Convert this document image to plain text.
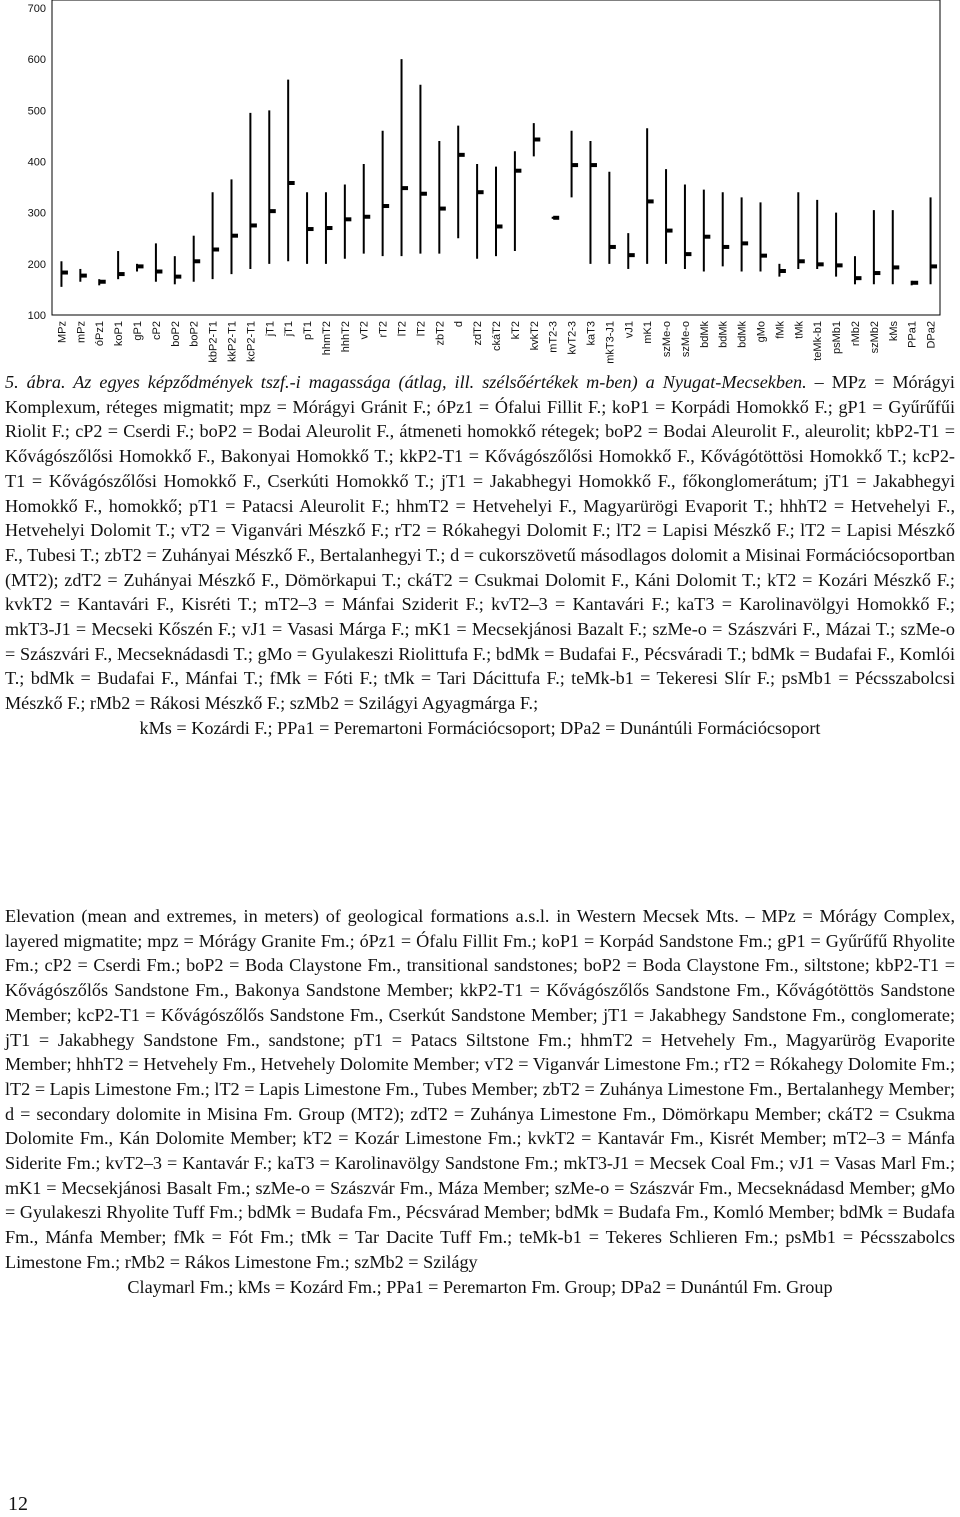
100
200
300
400
500
600
700
MPz mPz óPz1 koP1 gP1 cP2 boP2 boP2 kbP2-T1 kkP2-T1 kcP2-T1 jT1 jT1 pT1 hhmT2 hhhT2 vT2 rT2 lT2 lT2 zbT2 d zdT2 ckáT2 kT2 kvkT2 mT2-3 kvT2-3 kaT3 mkT3-J1 vJ1 mK1 szMe-o szMe-o bdMk bdMk bdMk gMo fMk tMk teMk-b1 psMb1 rMb2 szMb2 kMs PPa1 DPa2

5. ábra. Az egyes képződmények tszf.-i magassága (átlag, ill. szélsőértékek m-ben) a Nyugat-Mecsekben. – MPz = Mórágyi Komplexum, réteges migmatit; mpz = Mórágyi Gránit F.; óPz1 = Ófalui Fillit F.; koP1 = Korpádi Homokkő F.; gP1 = Gyűrűfűi Riolit F.; cP2 = Cserdi F.; boP2 = Bodai Aleurolit F., átmeneti homokkő rétegek; boP2 = Bodai Aleurolit F., aleurolit; kbP2-T1 = Kővágószőlősi Homokkő F., Bakonyai Homokkő T.; kkP2-T1 = Kővágószőlősi Homokkő F., Kővágótöttösi Homokkő T.; kcP2-T1 = Kővágószőlősi Homokkő F., Cserkúti Homokkő T.; jT1 = Jakabhegyi Homokkő F., főkonglomerátum; jT1 = Jakabhegyi Homokkő F., homokkő; pT1 = Patacsi Aleurolit F.; hhmT2 = Hetvehelyi F., Magyarürögi Evaporit T.; hhhT2 = Hetvehelyi F., Hetvehelyi Dolomit T.; vT2 = Viganvári Mészkő F.; rT2 = Rókahegyi Dolomit F.; lT2 = Lapisi Mészkő F.; lT2 = Lapisi Mészkő F., Tubesi T.; zbT2 = Zuhányai Mészkő F., Bertalanhegyi T.; d = cukorszövetű másodlagos dolomit a Misinai Formációcsoportban (MT2); zdT2 = Zuhányai Mészkő F., Dömörkapui T.; ckáT2 = Csukmai Dolomit F., Káni Dolomit T.; kT2 = Kozári Mészkő F.; kvkT2 = Kantavári F., Kisréti T.; mT2–3 = Mánfai Sziderit F.; kvT2–3 = Kantavári F.; kaT3 = Karolinavölgyi Homokkő F.; mkT3-J1 = Mecseki Kőszén F.; vJ1 = Vasasi Márga F.; mK1 = Mecsekjánosi Bazalt F.; szMe-o = Szászvári F., Mázai T.; szMe-o = Szászvári F., Mecseknádasdi T.; gMo = Gyulakeszi Riolittufa F.; bdMk = Budafai F., Pécsváradi T.; bdMk = Budafai F., Komlói T.; bdMk = Budafai F., Mánfai T.; fMk = Fóti F.; tMk = Tari Dácittufa F.; teMk-b1 = Tekeresi Slír F.; psMb1 = Pécsszabolcsi Mészkő F.; rMb2 = Rákosi Mészkő F.; szMb2 = Szilágyi Agyagmárga F.;
kMs = Kozárdi F.; PPa1 = Peremartoni Formációcsoport; DPa2 = Dunántúli Formációcsoport

Elevation (mean and extremes, in meters) of geological formations a.s.l. in Western Mecsek Mts. – MPz = Mórágy Complex, layered migmatite; mpz = Mórágy Granite Fm.; óPz1 = Ófalu Fillit Fm.; koP1 = Korpád Sandstone Fm.; gP1 = Gyűrűfű Rhyolite Fm.; cP2 = Cserdi Fm.; boP2 = Boda Claystone Fm., transitional sandstones; boP2 = Boda Claystone Fm., siltstone; kbP2-T1 = Kővágószőlős Sandstone Fm., Bakonya Sandstone Member; kkP2-T1 = Kővágószőlős Sandstone Fm., Kővágótöttös Sandstone Member; kcP2-T1 = Kővágószőlős Sandstone Fm., Cserkút Sandstone Member; jT1 = Jakabhegy Sandstone Fm., conglomerate; jT1 = Jakabhegy Sandstone Fm., sandstone; pT1 = Patacs Siltstone Fm.; hhmT2 = Hetvehely Fm., Magyarürög Evaporite Member; hhhT2 = Hetvehely Fm., Hetvehely Dolomite Member; vT2 = Viganvár Limestone Fm.; rT2 = Rókahegy Dolomite Fm.; lT2 = Lapis Limestone Fm.; lT2 = Lapis Limestone Fm., Tubes Member; zbT2 = Zuhánya Limestone Fm., Bertalanhegy Member; d = secondary dolomite in Misina Fm. Group (MT2); zdT2 = Zuhánya Limestone Fm., Dömörkapu Member; ckáT2 = Csukma Dolomite Fm., Kán Dolomite Member; kT2 = Kozár Limestone Fm.; kvkT2 = Kantavár Fm., Kisrét Member; mT2–3 = Mánfa Siderite Fm.; kvT2–3 = Kantavár F.; kaT3 = Karolinavölgy Sandstone Fm.; mkT3-J1 = Mecsek Coal Fm.; vJ1 = Vasas Marl Fm.; mK1 = Mecsekjánosi Basalt Fm.; szMe-o = Szászvár Fm., Máza Member; szMe-o = Szászvár Fm., Mecseknádasd Member; gMo = Gyulakeszi Rhyolite Tuff Fm.; bdMk = Budafa Fm., Pécsvárad Member; bdMk = Budafa Fm., Komló Member; bdMk = Budafa Fm., Mánfa Member; fMk = Fót Fm.; tMk = Tar Dacite Tuff Fm.; teMk-b1 = Tekeres Schlieren Fm.; psMb1 = Pécsszabolcs Limestone Fm.; rMb2 = Rákos Limestone Fm.; szMb2 = Szilágy
Claymarl Fm.; kMs = Kozárd Fm.; PPa1 = Peremarton Fm. Group; DPa2 = Dunántúl Fm. Group

12
